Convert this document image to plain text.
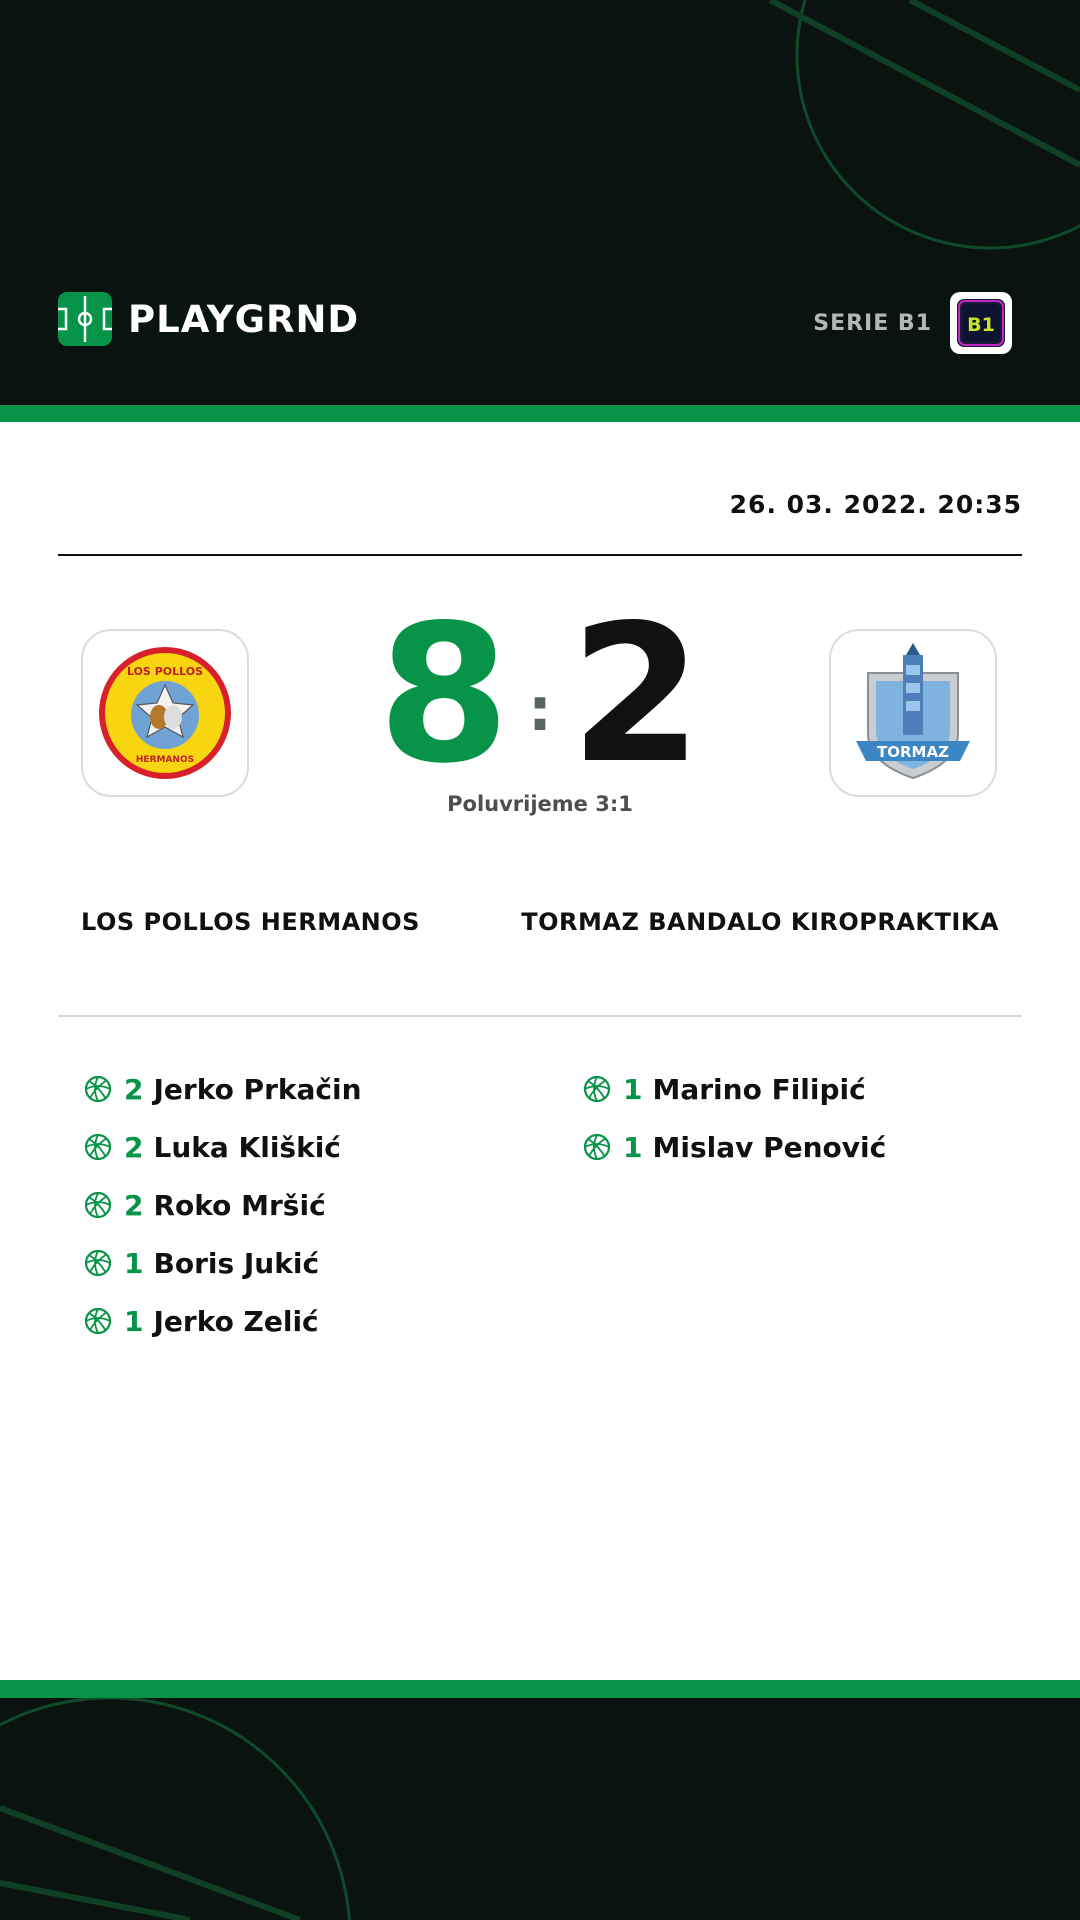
PLAYGRND	SERIE B1 B1
26. 03. 2022. 20:35
LOS POLLOS
HERMANOS 8 : 2
Poluvrijeme 3:1
TORMAZ
LOS POLLOS HERMANOS	TORMAZ BANDALO KIROPRAKTIKA
2 Jerko Prkačin
2 Luka Kliškić
2 Roko Mršić
1 Boris Jukić
1 Jerko Zelić
1 Marino Filipić
1 Mislav Penović
